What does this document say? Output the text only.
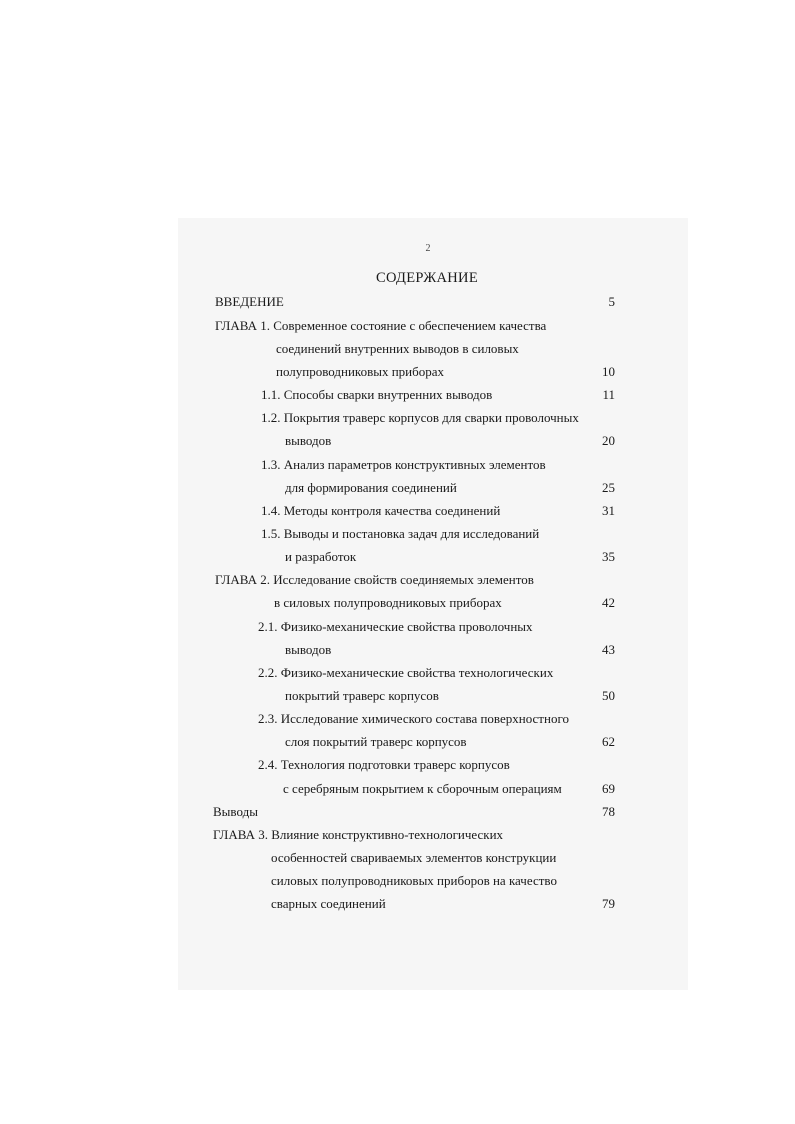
2
СОДЕРЖАНИЕ
ВВЕДЕНИЕ	5
ГЛАВА 1. Современное состояние с обеспечением качества
соединений внутренних выводов в силовых
полупроводниковых приборах	10
1.1. Способы сварки внутренних выводов	11
1.2. Покрытия траверс корпусов для сварки проволочных
выводов	20
1.3. Анализ параметров конструктивных элементов
для формирования соединений	25
1.4. Методы контроля качества соединений	31
1.5. Выводы и постановка задач для исследований
и разработок	35
ГЛАВА 2. Исследование свойств соединяемых элементов
в силовых полупроводниковых приборах	42
2.1. Физико-механические свойства проволочных
выводов	43
2.2. Физико-механические свойства технологических
покрытий траверс корпусов	50
2.3. Исследование химического состава поверхностного
слоя покрытий траверс корпусов	62
2.4. Технология подготовки траверс корпусов
с серебряным покрытием к сборочным операциям	69
Выводы	78
ГЛАВА 3. Влияние конструктивно-технологических
особенностей свариваемых элементов конструкции
силовых полупроводниковых приборов на качество
сварных соединений	79
